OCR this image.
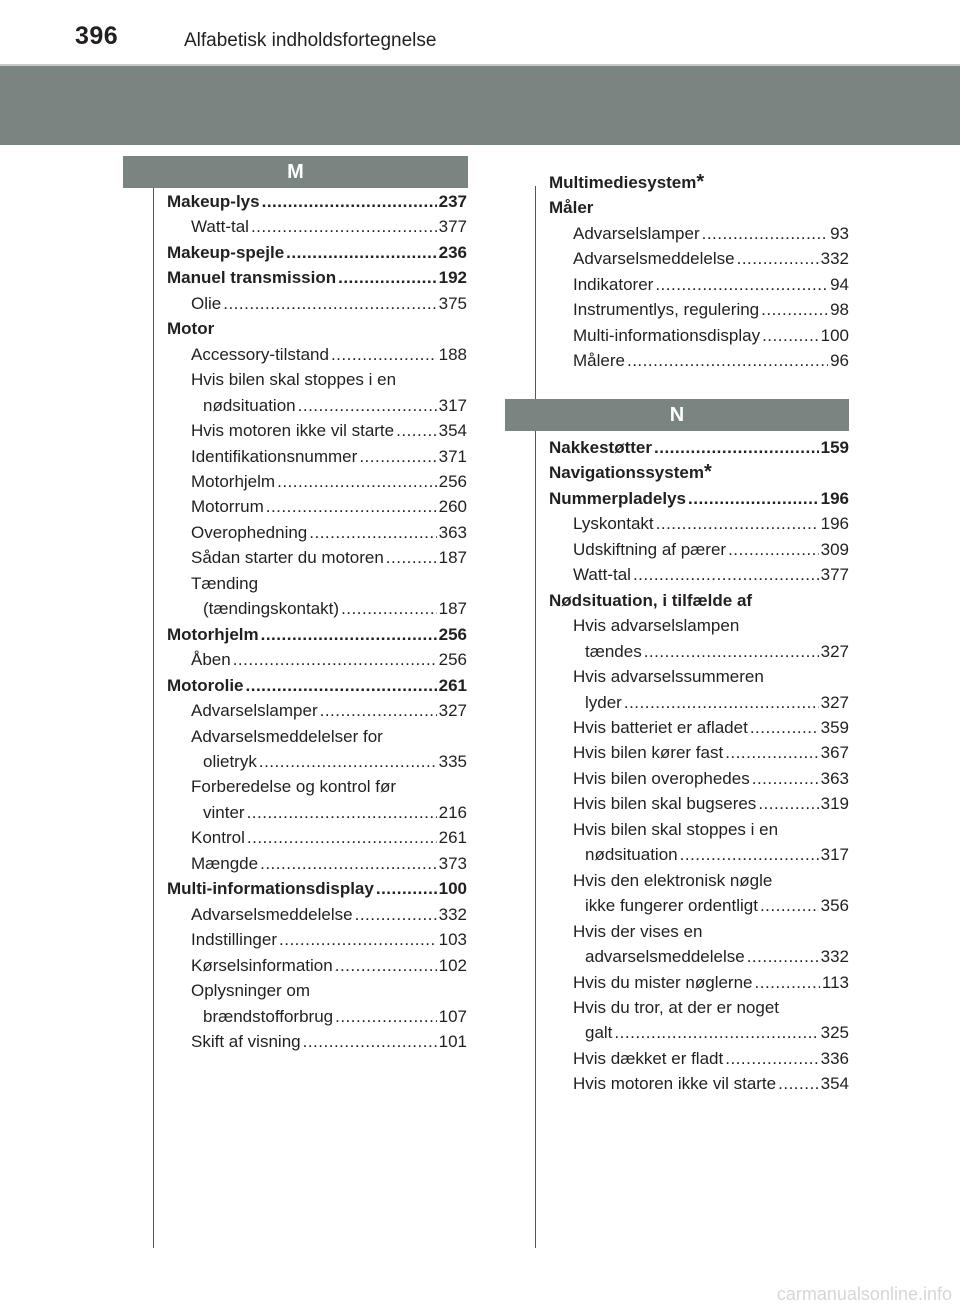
396	Alfabetisk indholdsfortegnelse
M
N
Makeup-lys .....	237
Watt-tal .....	377
Makeup-spejle .....	236
Manuel transmission .....	192
Olie .....	375
Motor
Accessory-tilstand .....	188
Hvis bilen skal stoppes i en
nødsituation .....	317
Hvis motoren ikke vil starte .....	354
Identifikationsnummer .....	371
Motorhjelm .....	256
Motorrum .....	260
Overophedning .....	363
Sådan starter du motoren .....	187
Tænding
(tændingskontakt) .....	187
Motorhjelm .....	256
Åben .....	256
Motorolie .....	261
Advarselslamper .....	327
Advarselsmeddelelser for
olietryk .....	335
Forberedelse og kontrol før
vinter .....	216
Kontrol .....	261
Mængde .....	373
Multi-informationsdisplay .....	100
Advarselsmeddelelse .....	332
Indstillinger .....	103
Kørselsinformation .....	102
Oplysninger om
brændstofforbrug .....	107
Skift af visning .....	101
Multimediesystem *
Måler
Advarselslamper .....	93
Advarselsmeddelelse .....	332
Indikatorer .....	94
Instrumentlys, regulering .....	98
Multi-informationsdisplay .....	100
Målere .....	96
Nakkestøtter .....	159
Navigationssystem *
Nummerpladelys .....	196
Lyskontakt .....	196
Udskiftning af pærer .....	309
Watt-tal .....	377
Nødsituation, i tilfælde af
Hvis advarselslampen
tændes .....	327
Hvis advarselssummeren
lyder .....	327
Hvis batteriet er afladet .....	359
Hvis bilen kører fast .....	367
Hvis bilen overophedes .....	363
Hvis bilen skal bugseres .....	319
Hvis bilen skal stoppes i en
nødsituation .....	317
Hvis den elektronisk nøgle
ikke fungerer ordentligt .....	356
Hvis der vises en
advarselsmeddelelse .....	332
Hvis du mister nøglerne .....	113
Hvis du tror, at der er noget
galt .....	325
Hvis dækket er fladt .....	336
Hvis motoren ikke vil starte .....	354
carmanualsonline.info
